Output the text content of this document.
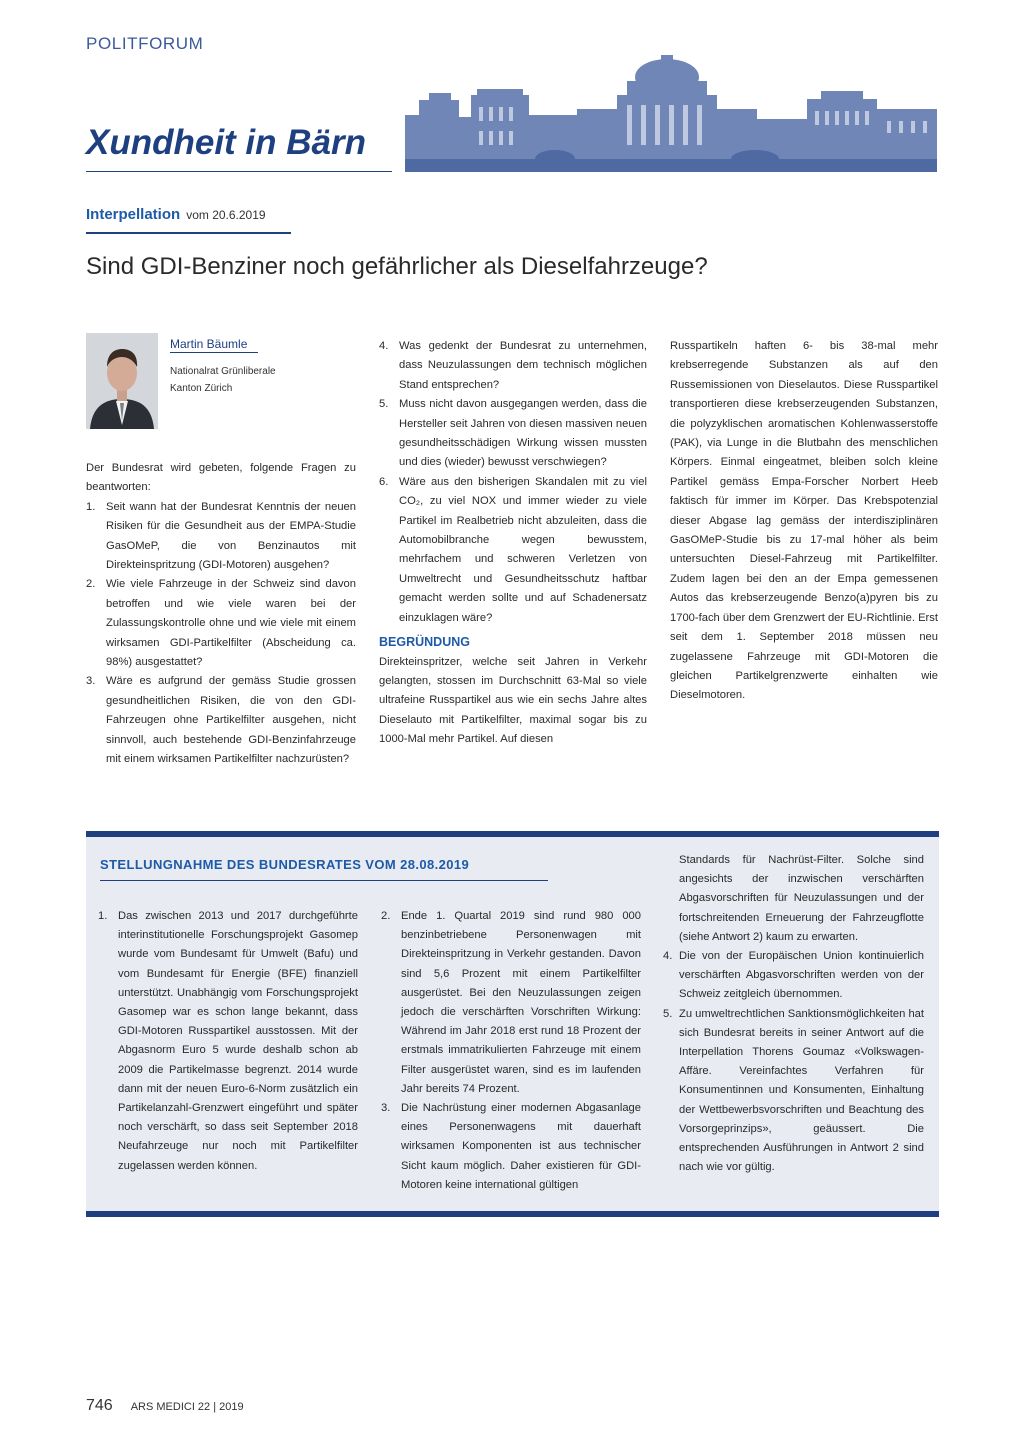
POLITFORUM
Xundheit in Bärn
Interpellation vom 20.6.2019
Sind GDI-Benziner noch gefährlicher als Dieselfahrzeuge?
Martin Bäumle
Nationalrat Grünliberale
Kanton Zürich

Der Bundesrat wird gebeten, folgende Fragen zu beantworten:

1. Seit wann hat der Bundesrat Kenntnis der neuen Risiken für die Gesundheit aus der EMPA-Studie GasOMeP, die von Benzinautos mit Direkteinspritzung (GDI-Motoren) ausgehen?
2. Wie viele Fahrzeuge in der Schweiz sind davon betroffen und wie viele waren bei der Zulassungskontrolle ohne und wie viele mit einem wirksamen GDI-Partikelfilter (Abscheidung ca. 98%) ausgestattet?
3. Wäre es aufgrund der gemäss Studie grossen gesundheitlichen Risiken, die von den GDI-Fahrzeugen ohne Partikelfilter ausgehen, nicht sinnvoll, auch bestehende GDI-Benzinfahrzeuge mit einem wirksamen Partikelfilter nachzurüsten?
4. Was gedenkt der Bundesrat zu unternehmen, dass Neuzulassungen dem technisch möglichen Stand entsprechen?
5. Muss nicht davon ausgegangen werden, dass die Hersteller seit Jahren von diesen massiven neuen gesundheitsschädigen Wirkung wissen mussten und dies (wieder) bewusst verschwiegen?
6. Wäre aus den bisherigen Skandalen mit zu viel CO₂, zu viel NOX und immer wieder zu viele Partikel im Realbetrieb nicht abzuleiten, dass die Automobilbranche wegen bewusstem, mehrfachem und schweren Verletzen von Umweltrecht und Gesundheitsschutz haftbar gemacht werden sollte und auf Schadenersatz einzuklagen wäre?
BEGRÜNDUNG

Direkteinspritzer, welche seit Jahren in Verkehr gelangten, stossen im Durchschnitt 63-Mal so viele ultrafeine Russpartikel aus wie ein sechs Jahre altes Dieselauto mit Partikelfilter, maximal sogar bis zu 1000-Mal mehr Partikel. Auf diesen

Russpartikeln haften 6- bis 38-mal mehr krebserregende Substanzen als auf den Russemissionen von Dieselautos. Diese Russpartikel transportieren diese krebserzeugenden Substanzen, die polyzyklischen aromatischen Kohlenwasserstoffe (PAK), via Lunge in die Blutbahn des menschlichen Körpers. Einmal eingeatmet, bleiben solch kleine Partikel gemäss Empa-Forscher Norbert Heeb faktisch für immer im Körper. Das Krebspotenzial dieser Abgase lag gemäss der interdisziplinären GasOMeP-Studie bis zu 17-mal höher als beim untersuchten Diesel-Fahrzeug mit Partikelfilter. Zudem lagen bei den an der Empa gemessenen Autos das krebserzeugende Benzo(a)pyren bis zu 1700-fach über dem Grenzwert der EU-Richtlinie. Erst seit dem 1. September 2018 müssen neu zugelassene Fahrzeuge mit GDI-Motoren die gleichen Partikelgrenzwerte einhalten wie Dieselmotoren.

STELLUNGNAHME DES BUNDESRATES VOM 28.08.2019
1. Das zwischen 2013 und 2017 durchgeführte interinstitutionelle Forschungsprojekt Gasomep wurde vom Bundesamt für Umwelt (Bafu) und vom Bundesamt für Energie (BFE) finanziell unterstützt. Unabhängig vom Forschungsprojekt Gasomep war es schon lange bekannt, dass GDI-Motoren Russpartikel ausstossen. Mit der Abgasnorm Euro 5 wurde deshalb schon ab 2009 die Partikelmasse begrenzt. 2014 wurde dann mit der neuen Euro-6-Norm zusätzlich ein Partikelanzahl-Grenzwert eingeführt und später noch verschärft, so dass seit September 2018 Neufahrzeuge nur noch mit Partikelfilter zugelassen werden können.
2. Ende 1. Quartal 2019 sind rund 980 000 benzinbetriebene Personenwagen mit Direkteinspritzung in Verkehr gestanden. Davon sind 5,6 Prozent mit einem Partikelfilter ausgerüstet. Bei den Neuzulassungen zeigen jedoch die verschärften Vorschriften Wirkung: Während im Jahr 2018 erst rund 18 Prozent der erstmals immatrikulierten Fahrzeuge mit einem Filter ausgerüstet waren, sind es im laufenden Jahr bereits 74 Prozent.
3. Die Nachrüstung einer modernen Abgasanlage eines Personenwagens mit dauerhaft wirksamen Komponenten ist aus technischer Sicht kaum möglich. Daher existieren für GDI-Motoren keine international gültigen

Standards für Nachrüst-Filter. Solche sind angesichts der inzwischen verschärften Abgasvorschriften für Neuzulassungen und der fortschreitenden Erneuerung der Fahrzeugflotte (siehe Antwort 2) kaum zu erwarten.

4. Die von der Europäischen Union kontinuierlich verschärften Abgasvorschriften werden von der Schweiz zeitgleich übernommen.
5. Zu umweltrechtlichen Sanktionsmöglichkeiten hat sich Bundesrat bereits in seiner Antwort auf die Interpellation Thorens Goumaz «Volkswagen-Affäre. Vereinfachtes Verfahren für Konsumentinnen und Konsumenten, Einhaltung der Wettbewerbsvorschriften und Beachtung des Vorsorgeprinzips», geäussert. Die entsprechenden Ausführungen in Antwort 2 sind nach wie vor gültig.
746 ARS MEDICI 22 | 2019
